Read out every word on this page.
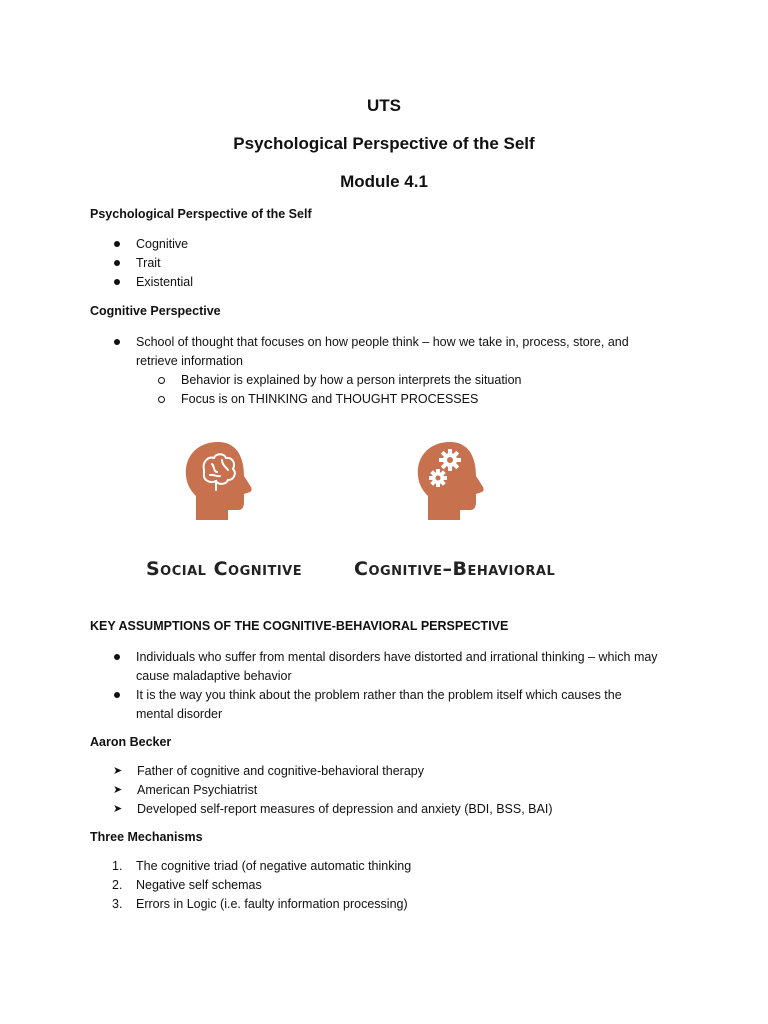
UTS
Psychological Perspective of the Self
Module 4.1

Psychological Perspective of the Self

Cognitive
Trait
Existential

Cognitive Perspective

School of thought that focuses on how people think – how we take in, process, store, and
retrieve information
Behavior is explained by how a person interprets the situation
Focus is on THINKING and THOUGHT PROCESSES

Social Cognitive	Cognitive–Behavioral

KEY ASSUMPTIONS OF THE COGNITIVE-BEHAVIORAL PERSPECTIVE

Individuals who suffer from mental disorders have distorted and irrational thinking – which may
cause maladaptive behavior
It is the way you think about the problem rather than the problem itself which causes the
mental disorder

Aaron Becker

➤ Father of cognitive and cognitive-behavioral therapy
➤ American Psychiatrist
➤ Developed self-report measures of depression and anxiety (BDI, BSS, BAI)

Three Mechanisms

1. The cognitive triad (of negative automatic thinking
2. Negative self schemas
3. Errors in Logic (i.e. faulty information processing)
